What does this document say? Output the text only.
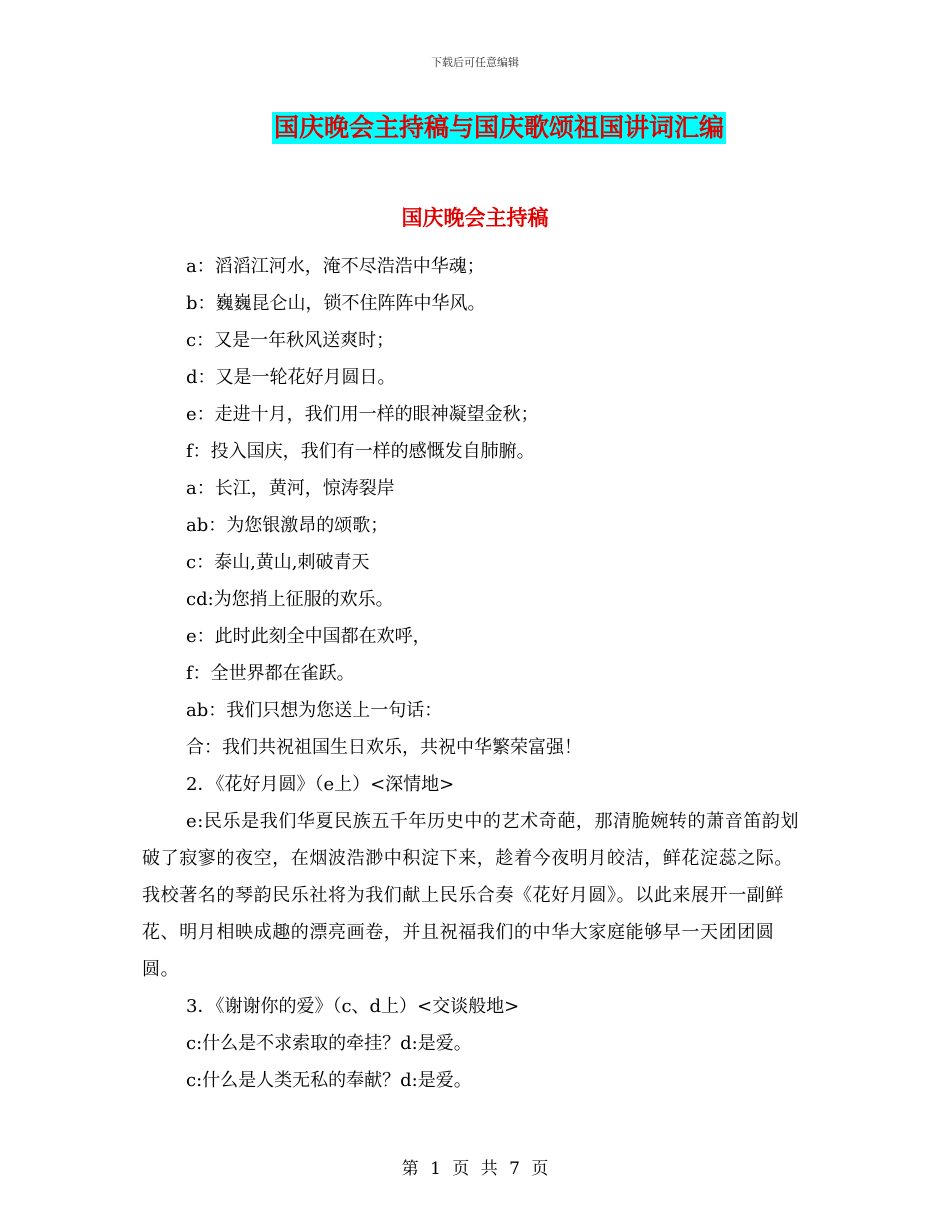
下载后可任意编辑
国庆晚会主持稿与国庆歌颂祖国讲词汇编
国庆晚会主持稿
a：滔滔江河水，淹不尽浩浩中华魂；
b：巍巍昆仑山，锁不住阵阵中华风。
c：又是一年秋风送爽时；
d：又是一轮花好月圆日。
e：走进十月，我们用一样的眼神凝望金秋；
f：投入国庆，我们有一样的感慨发自肺腑。
a：长江，黄河，惊涛裂岸
ab：为您银激昂的颂歌；
c：泰山,黄山,刺破青天
cd:为您捎上征服的欢乐。
e：此时此刻全中国都在欢呼，
f：全世界都在雀跃。
ab：我们只想为您送上一句话：
合：我们共祝祖国生日欢乐，共祝中华繁荣富强！
2．《花好月圆》（e上）<深情地>
e:民乐是我们华夏民族五千年历史中的艺术奇葩，那清脆婉转的萧音笛韵划破了寂寥的夜空，在烟波浩渺中积淀下来，趁着今夜明月皎洁，鲜花淀蕊之际。我校著名的琴韵民乐社将为我们献上民乐合奏《花好月圆》。以此来展开一副鲜花、明月相映成趣的漂亮画卷，并且祝福我们的中华大家庭能够早一天团团圆圆。
3．《谢谢你的爱》（c、d上）<交谈般地>
c:什么是不求索取的牵挂？d:是爱。
c:什么是人类无私的奉献？d:是爱。
第 1 页 共 7 页
